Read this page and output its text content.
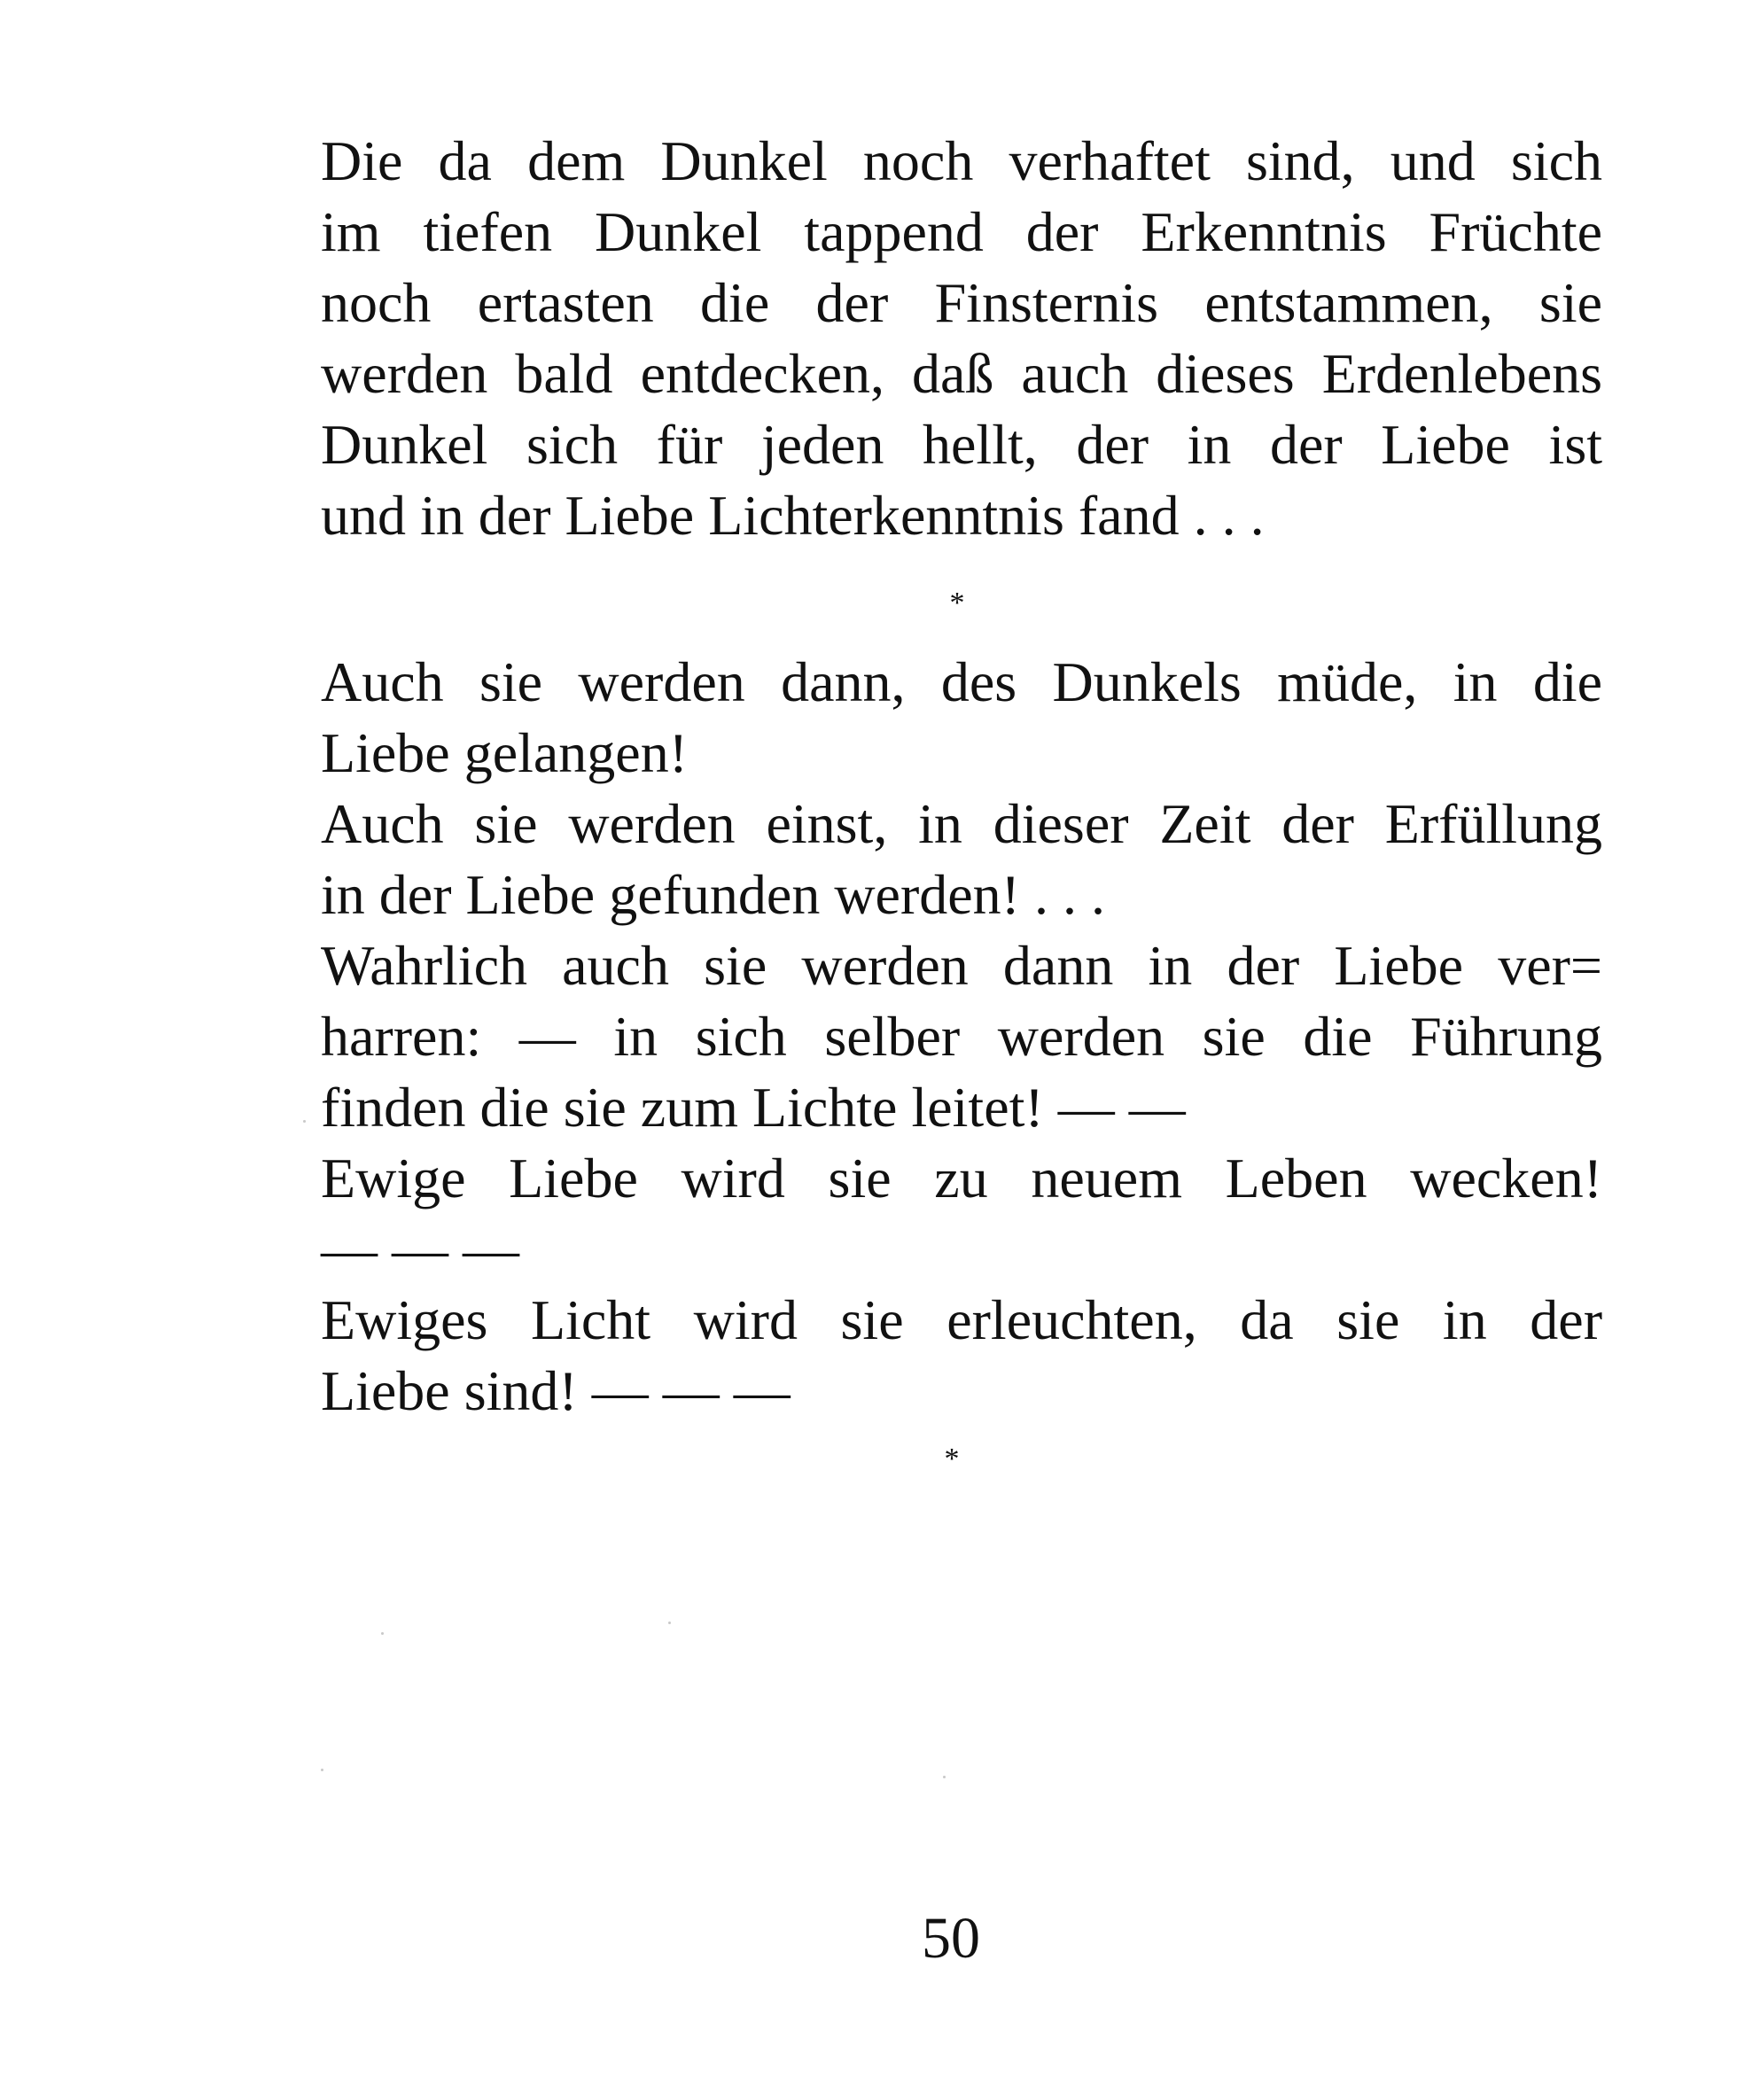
Die da dem Dunkel noch verhaftet sind, und sich
im tiefen Dunkel tappend der Erkenntnis Früchte
noch ertasten die der Finsternis entstammen, sie
werden bald entdecken, daß auch dieses Erdenlebens
Dunkel sich für jeden hellt, der in der Liebe ist
und in der Liebe Lichterkenntnis fand . . .
*
Auch sie werden dann, des Dunkels müde, in die
Liebe gelangen!
Auch sie werden einst, in dieser Zeit der Erfüllung
in der Liebe gefunden werden! . . .
Wahrlich auch sie werden dann in der Liebe ver=
harren: — in sich selber werden sie die Führung
finden die sie zum Lichte leitet! — —
Ewige Liebe wird sie zu neuem Leben wecken!
— — —
Ewiges Licht wird sie erleuchten, da sie in der
Liebe sind! — — —
*
50
